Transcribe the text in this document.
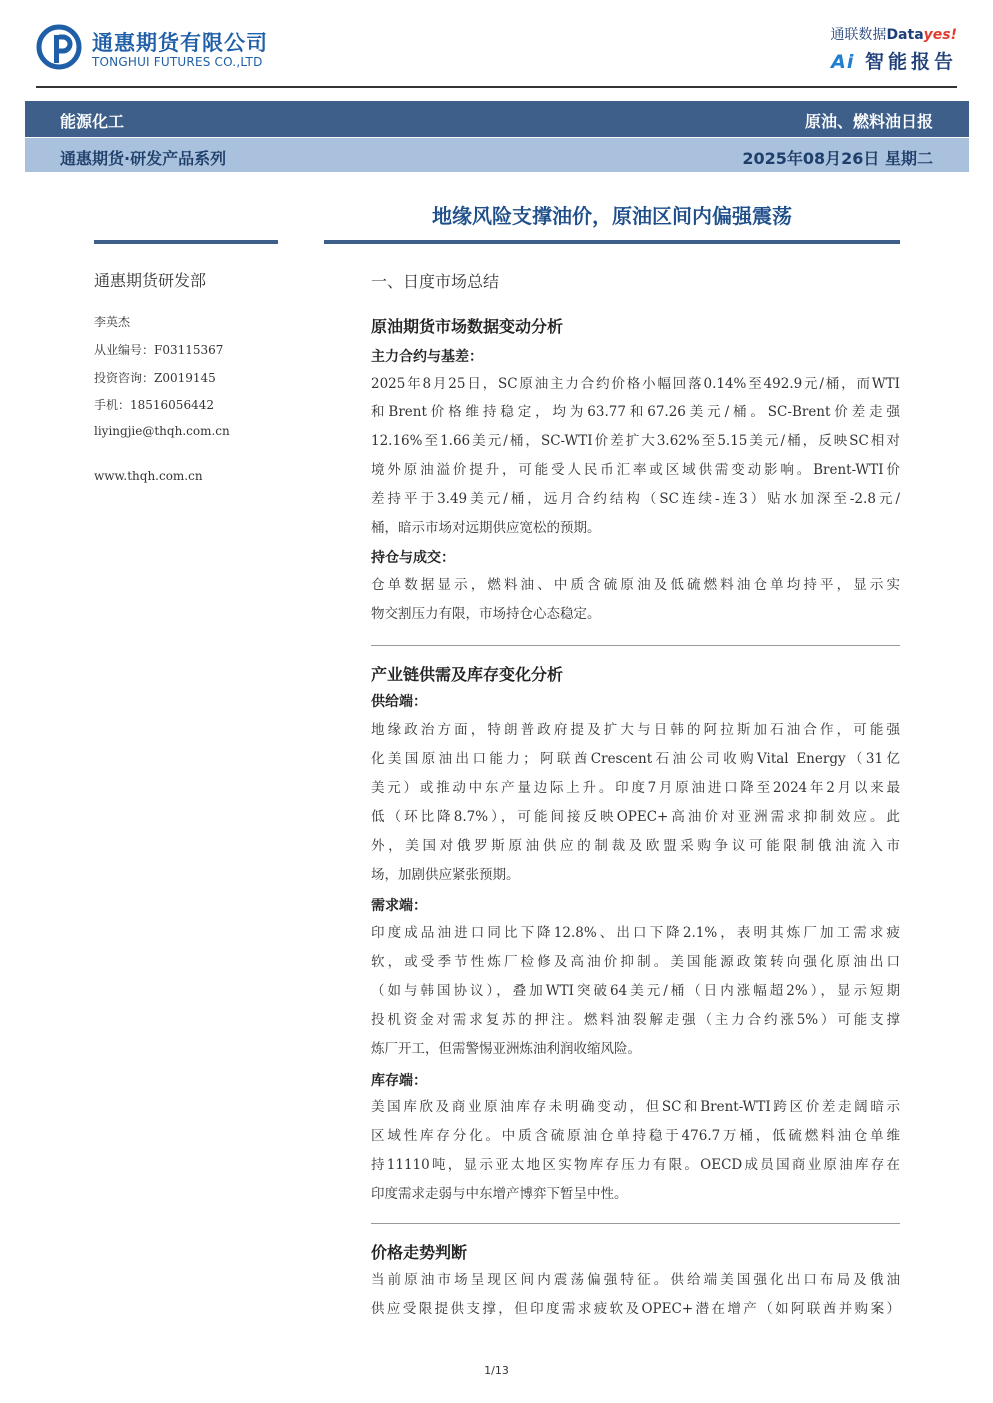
通惠期货有限公司
TONGHUI FUTURES CO.,LTD
通联数据Datayes!
Ai 智能报告
能源化工	原油、燃料油日报
通惠期货·研发产品系列	2025年08月26日 星期二
地缘风险支撑油价，原油区间内偏强震荡
通惠期货研发部
李英杰
从业编号：F03115367
投资咨询：Z0019145
手机：18516056442
liyingjie@thqh.com.cn
www.thqh.com.cn
一、日度市场总结
原油期货市场数据变动分析
主力合约与基差：
2025年8月25日，SC原油主力合约价格小幅回落0.14%至492.9元/桶，而WTI
和Brent价格维持稳定，均为63.77和67.26美元/桶。SC-Brent价差走强
12.16%至1.66美元/桶，SC-WTI价差扩大3.62%至5.15美元/桶，反映SC相对
境外原油溢价提升，可能受人民币汇率或区域供需变动影响。Brent-WTI价
差持平于3.49美元/桶，远月合约结构（SC连续-连3）贴水加深至-2.8元/
桶，暗示市场对远期供应宽松的预期。
持仓与成交：
仓单数据显示，燃料油、中质含硫原油及低硫燃料油仓单均持平，显示实
物交割压力有限，市场持仓心态稳定。
产业链供需及库存变化分析
供给端：
地缘政治方面，特朗普政府提及扩大与日韩的阿拉斯加石油合作，可能强
化美国原油出口能力；阿联酋Crescent石油公司收购Vital Energy（31亿
美元）或推动中东产量边际上升。印度7月原油进口降至2024年2月以来最
低（环比降8.7%），可能间接反映OPEC+高油价对亚洲需求抑制效应。此
外，美国对俄罗斯原油供应的制裁及欧盟采购争议可能限制俄油流入市
场，加剧供应紧张预期。
需求端：
印度成品油进口同比下降12.8%、出口下降2.1%，表明其炼厂加工需求疲
软，或受季节性炼厂检修及高油价抑制。美国能源政策转向强化原油出口
（如与韩国协议），叠加WTI突破64美元/桶（日内涨幅超2%），显示短期
投机资金对需求复苏的押注。燃料油裂解走强（主力合约涨5%）可能支撑
炼厂开工，但需警惕亚洲炼油利润收缩风险。
库存端：
美国库欣及商业原油库存未明确变动，但SC和Brent-WTI跨区价差走阔暗示
区域性库存分化。中质含硫原油仓单持稳于476.7万桶，低硫燃料油仓单维
持11110吨，显示亚太地区实物库存压力有限。OECD成员国商业原油库存在
印度需求走弱与中东增产博弈下暂呈中性。
价格走势判断
当前原油市场呈现区间内震荡偏强特征。供给端美国强化出口布局及俄油
供应受限提供支撑，但印度需求疲软及OPEC+潜在增产（如阿联酋并购案）
1/13
